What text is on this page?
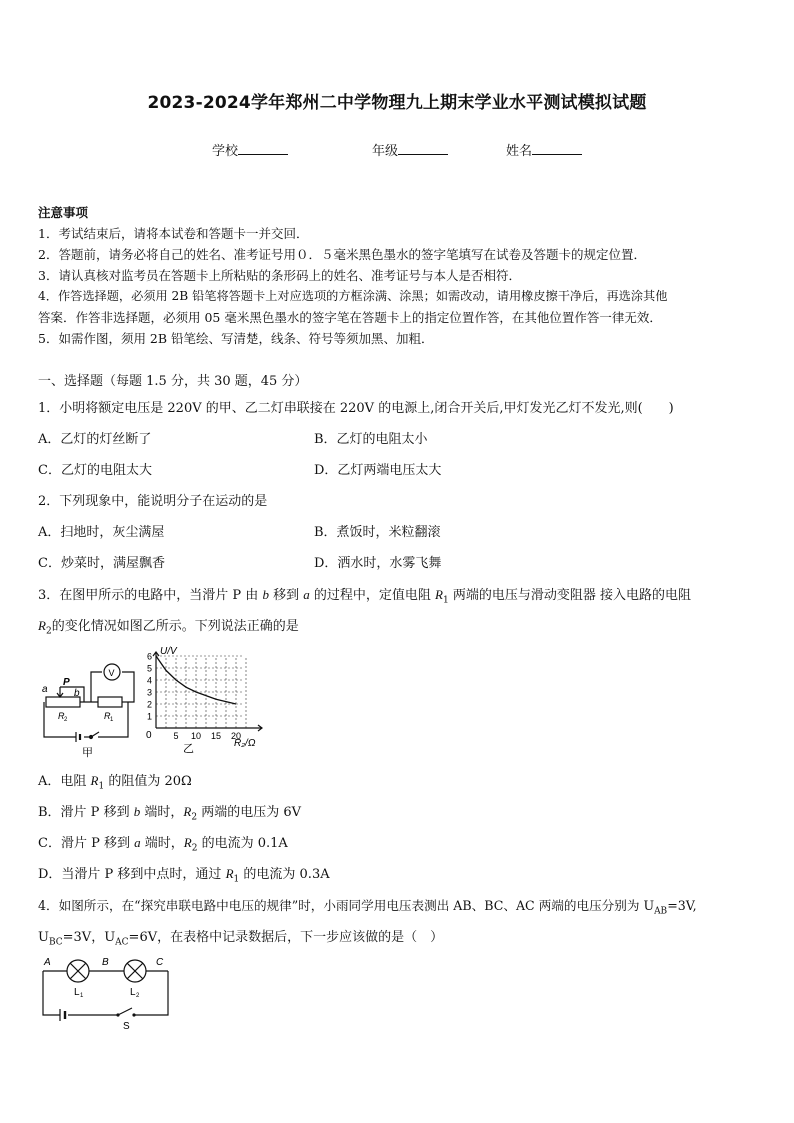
2023-2024学年郑州二中学物理九上期末学业水平测试模拟试题
学校	年级	姓名
注意事项
1．考试结束后，请将本试卷和答题卡一并交回．
2．答题前，请务必将自己的姓名、准考证号用０．５毫米黑色墨水的签字笔填写在试卷及答题卡的规定位置．
3．请认真核对监考员在答题卡上所粘贴的条形码上的姓名、准考证号与本人是否相符．
4．作答选择题，必须用 2B 铅笔将答题卡上对应选项的方框涂满、涂黑；如需改动，请用橡皮擦干净后，再选涂其他
答案．作答非选择题，必须用 05 毫米黑色墨水的签字笔在答题卡上的指定位置作答，在其他位置作答一律无效．
5．如需作图，须用 2B 铅笔绘、写清楚，线条、符号等须加黑、加粗．
一、选择题（每题 1.5 分，共 30 题，45 分）
1．小明将额定电压是 220V 的甲、乙二灯串联接在 220V 的电源上,闭合开关后,甲灯发光乙灯不发光,则(　　)
A．乙灯的灯丝断了	B．乙灯的电阻太小
C．乙灯的电阻太大	D．乙灯两端电压太大
2．下列现象中，能说明分子在运动的是
A．扫地时，灰尘满屋	B．煮饭时，米粒翻滚
C．炒菜时，满屋飘香	D．洒水时，水雾飞舞
3．在图甲所示的电路中，当滑片 P 由 b 移到 a 的过程中，定值电阻 $R_1$ 两端的电压与滑动变阻器 接入电路的电阻
$R_2$的变化情况如图乙所示。下列说法正确的是
a
P
b
V
R 2	R 1
甲
1
2
3
4
5
6
5 10 15 20
U/V
R₂/Ω
0
乙
A．电阻 $R_1$ 的阻值为 20Ω
B．滑片 P 移到 b 端时，$R_2$ 两端的电压为 6V
C．滑片 P 移到 a 端时，$R_2$ 的电流为 0.1A
D．当滑片 P 移到中点时，通过 $R_1$ 的电流为 0.3A
4．如图所示，在“探究串联电路中电压的规律”时，小雨同学用电压表测出 AB、BC、AC 两端的电压分别为 $U_{AB}=3V$,
$U_{BC}=3V$，$U_{AC}=6V$，在表格中记录数据后，下一步应该做的是（　）
A	B	C
L 1	L 2
S
